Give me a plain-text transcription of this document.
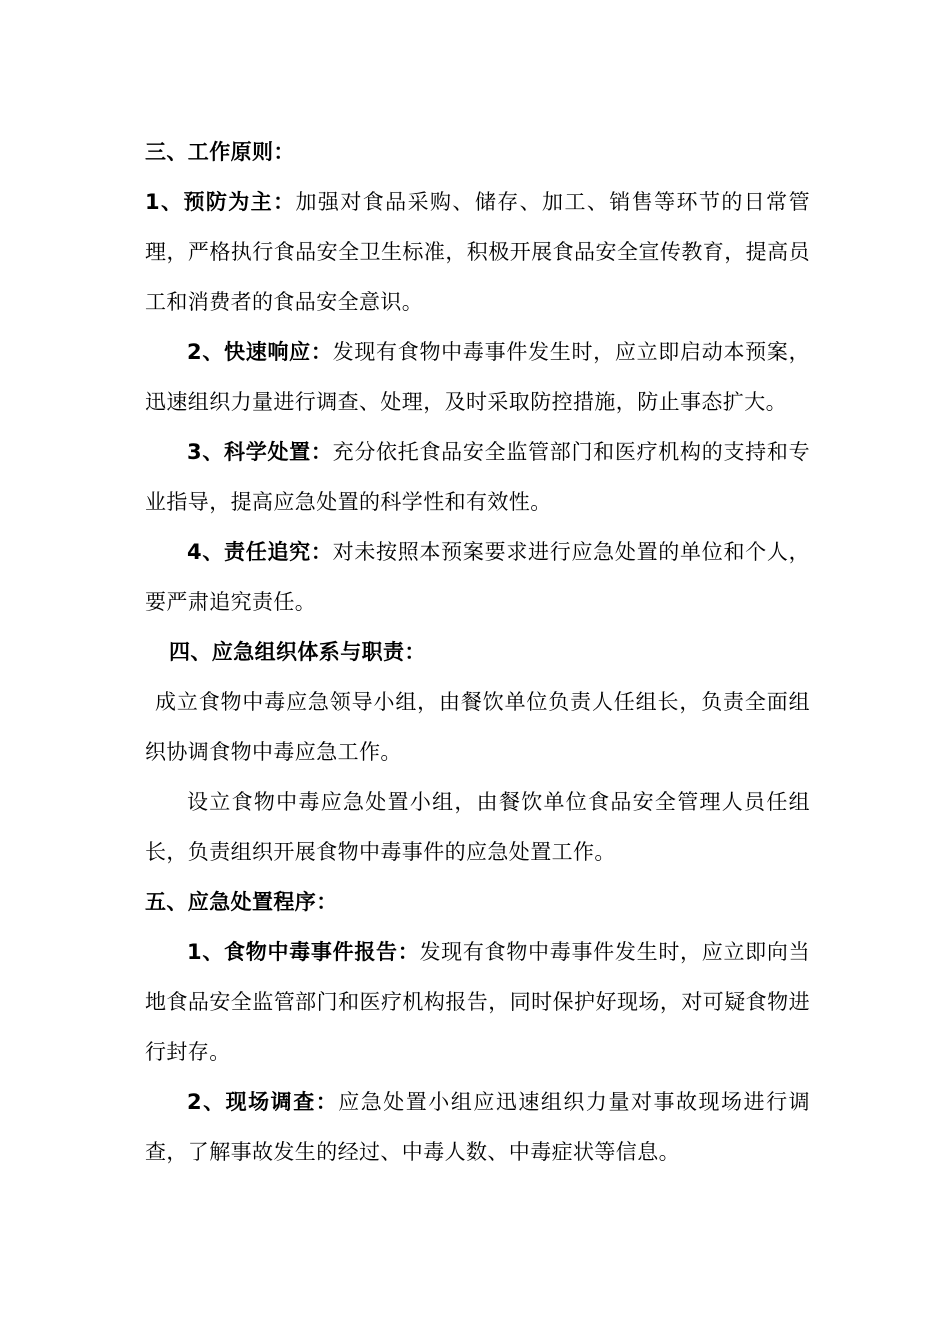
三、工作原则：

1、预防为主：加强对食品采购、储存、加工、销售等环节的日常管理，严格执行食品安全卫生标准，积极开展食品安全宣传教育，提高员工和消费者的食品安全意识。

2、快速响应：发现有食物中毒事件发生时，应立即启动本预案，迅速组织力量进行调查、处理，及时采取防控措施，防止事态扩大。

3、科学处置：充分依托食品安全监管部门和医疗机构的支持和专业指导，提高应急处置的科学性和有效性。

4、责任追究：对未按照本预案要求进行应急处置的单位和个人，要严肃追究责任。

四、应急组织体系与职责：

成立食物中毒应急领导小组，由餐饮单位负责人任组长，负责全面组织协调食物中毒应急工作。

设立食物中毒应急处置小组，由餐饮单位食品安全管理人员任组长，负责组织开展食物中毒事件的应急处置工作。

五、应急处置程序：

1、食物中毒事件报告：发现有食物中毒事件发生时，应立即向当地食品安全监管部门和医疗机构报告，同时保护好现场，对可疑食物进行封存。

2、现场调查：应急处置小组应迅速组织力量对事故现场进行调查，了解事故发生的经过、中毒人数、中毒症状等信息。
